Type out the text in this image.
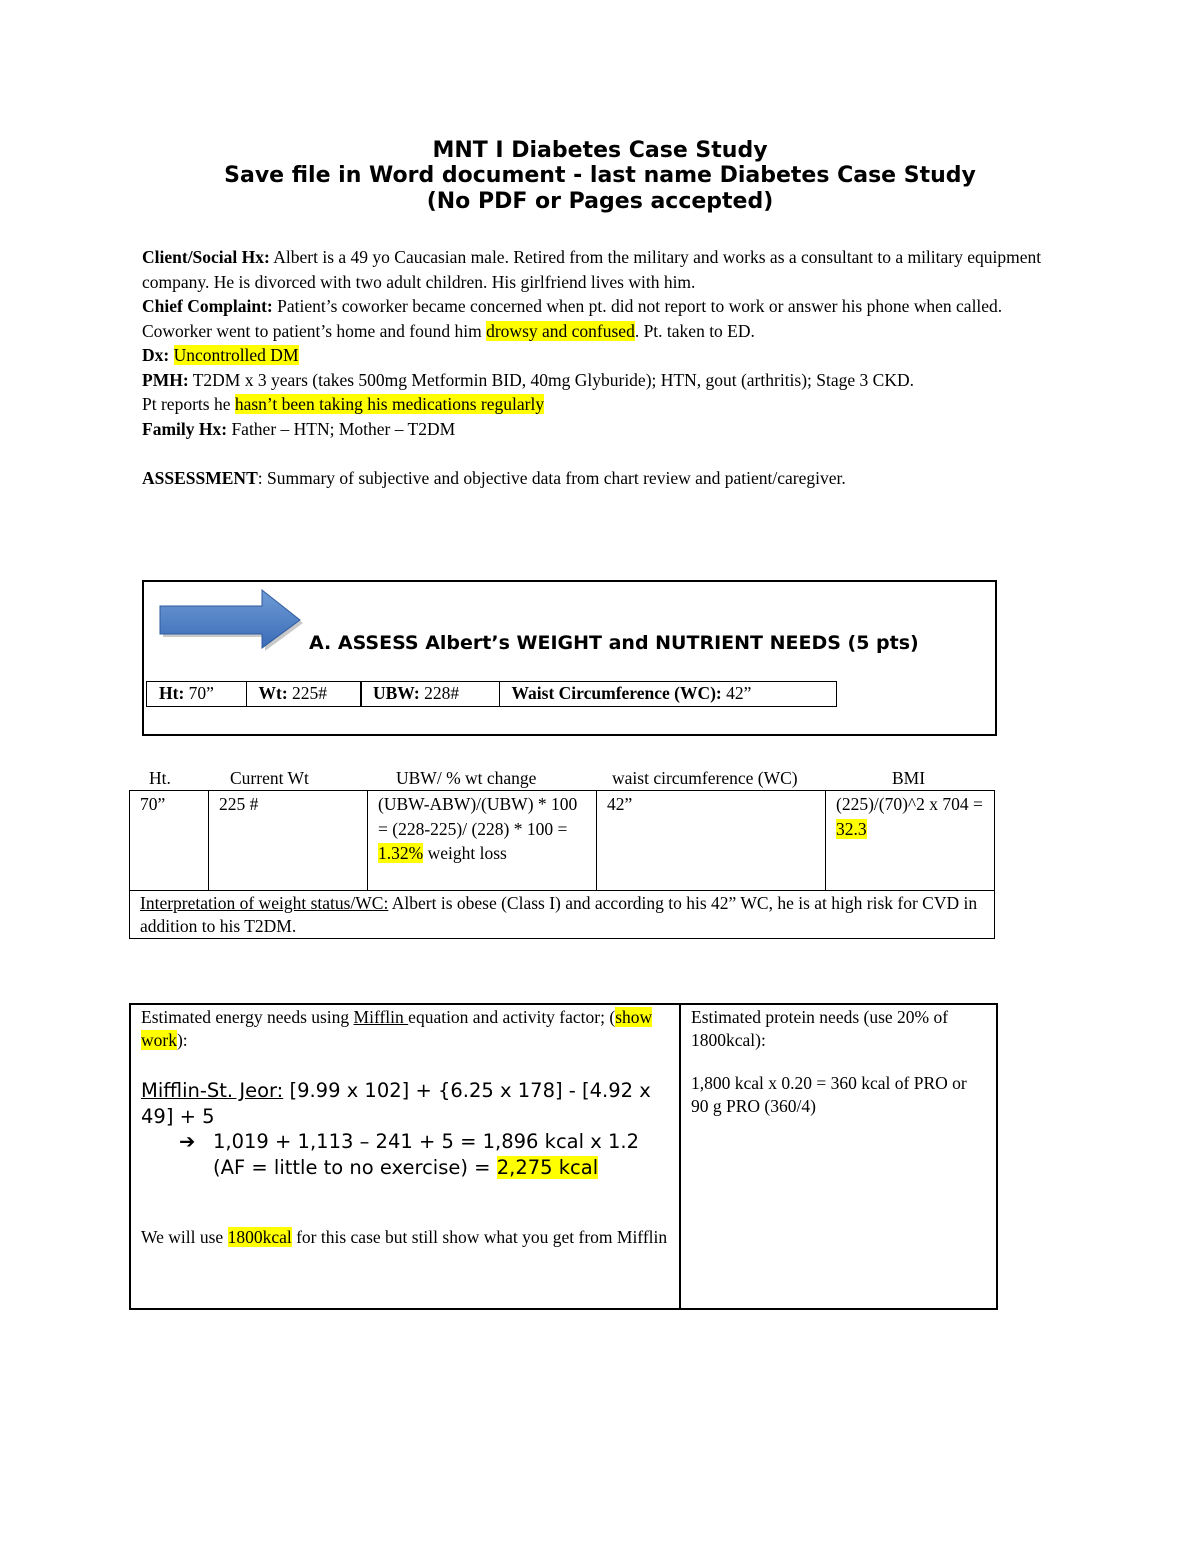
MNT I Diabetes Case Study
Save file in Word document - last name Diabetes Case Study
(No PDF or Pages accepted)

Client/Social Hx: Albert is a 49 yo Caucasian male. Retired from the military and works as a consultant to a military equipment company. He is divorced with two adult children. His girlfriend lives with him.

Chief Complaint: Patient’s coworker became concerned when pt. did not report to work or answer his phone when called. Coworker went to patient’s home and found him drowsy and confused. Pt. taken to ED.

Dx: Uncontrolled DM

PMH: T2DM x 3 years (takes 500mg Metformin BID, 40mg Glyburide); HTN, gout (arthritis); Stage 3 CKD.

Pt reports he hasn’t been taking his medications regularly

Family Hx: Father – HTN; Mother – T2DM

ASSESSMENT: Summary of subjective and objective data from chart review and patient/caregiver.

A. ASSESS Albert’s WEIGHT and NUTRIENT NEEDS (5 pts)
Ht: 70”	Wt: 225#	UBW: 228#	Waist Circumference (WC): 42”
Ht.	Current Wt	UBW/ % wt change	waist circumference (WC)	BMI
70”	225 #	(UBW-ABW)/(UBW) * 100 = (228-225)/ (228) * 100 = 1.32% weight loss	42”	(225)/(70)^2 x 704 = 32.3
Interpretation of weight status/WC: Albert is obese (Class I) and according to his 42” WC, he is at high risk for CVD in addition to his T2DM.
Estimated energy needs using Mifflin equation and activity factor; (show work):
Mifflin-St. Jeor: [9.99 x 102] + {6.25 x 178] - [4.92 x 49] + 5
➔ 1,019 + 1,113 – 241 + 5 = 1,896 kcal x 1.2 (AF = little to no exercise) = 2,275 kcal
We will use 1800kcal for this case but still show what you get from Mifflin

Estimated protein needs (use 20% of 1800kcal):
1,800 kcal x 0.20 = 360 kcal of PRO or 90 g PRO (360/4)
